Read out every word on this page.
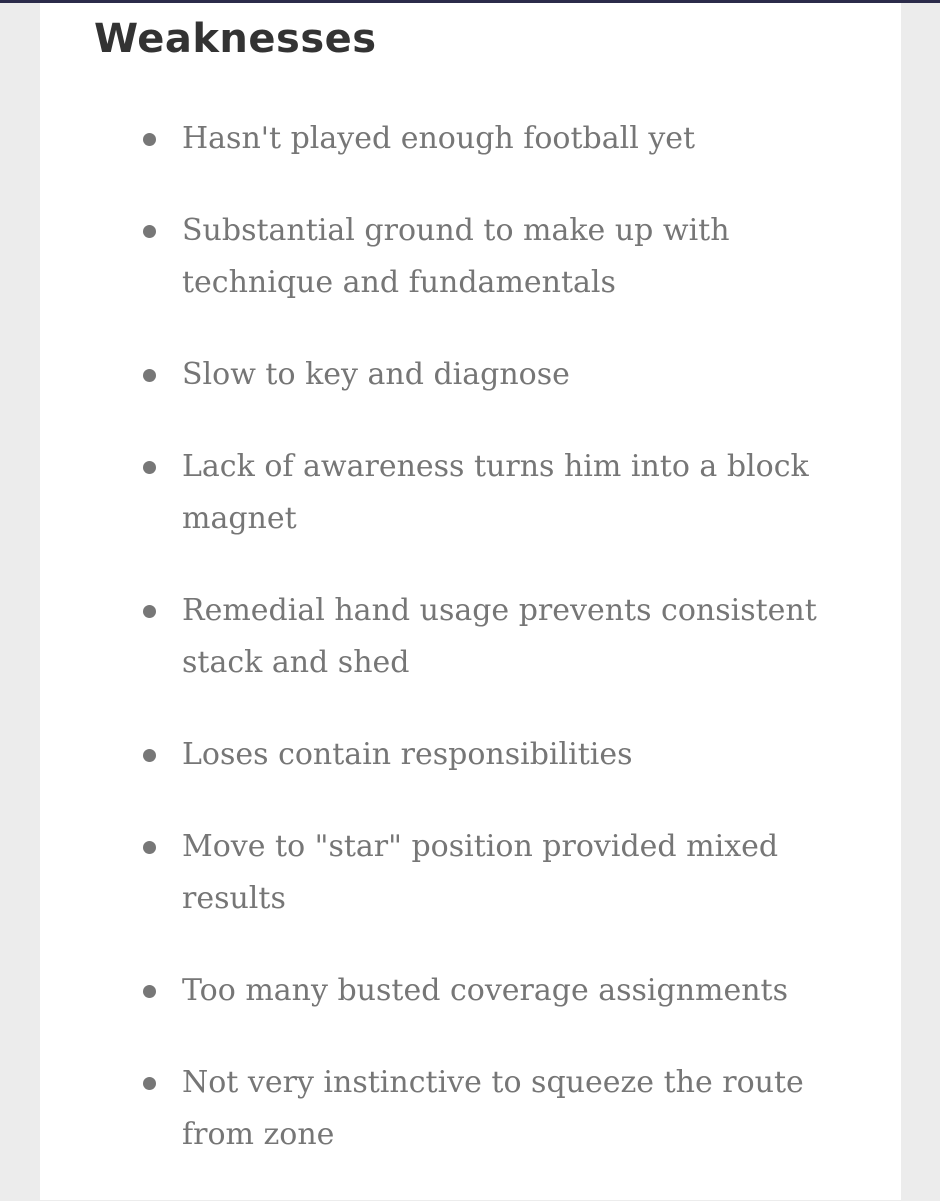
Weaknesses
Hasn't played enough football yet
Substantial ground to make up with technique and fundamentals
Slow to key and diagnose
Lack of awareness turns him into a block magnet
Remedial hand usage prevents consistent stack and shed
Loses contain responsibilities
Move to "star" position provided mixed results
Too many busted coverage assignments
Not very instinctive to squeeze the route from zone
